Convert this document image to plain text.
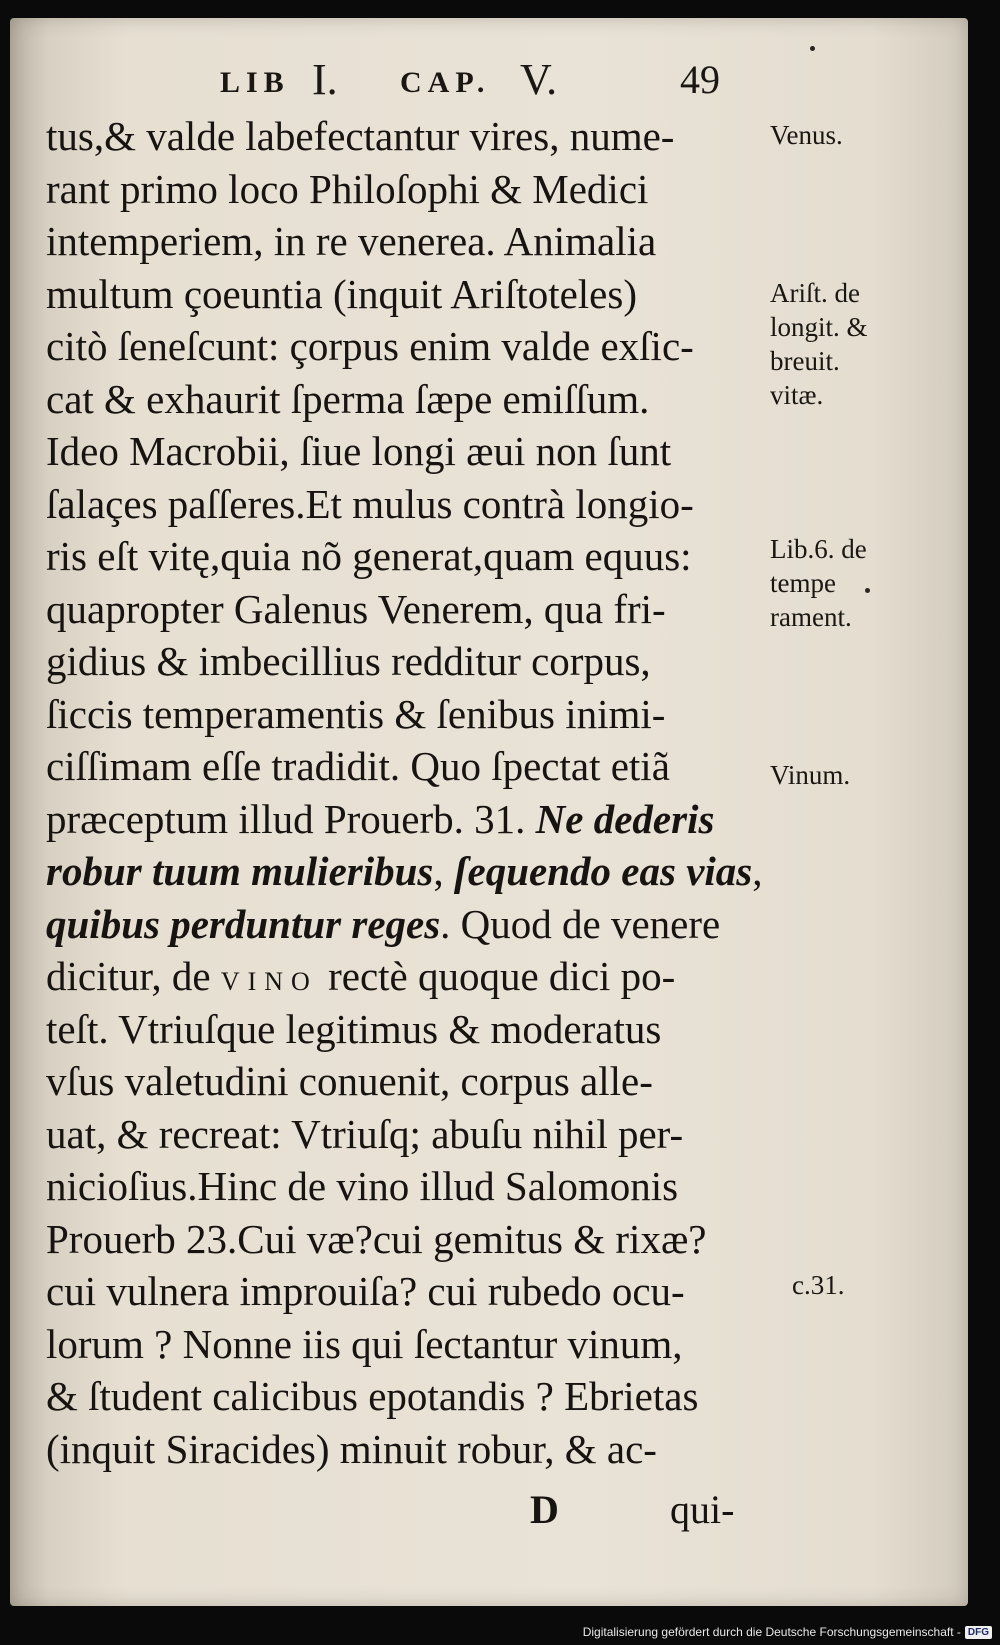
LIB I. CAP. V.	49
tus,& valde labefectantur vires, nume-
rant primo loco Philoſophi & Medici
intemperiem, in re venerea. Animalia
multum çoeuntia (inquit Ariſtoteles)
citò ſeneſcunt: çorpus enim valde exſic-
cat & exhaurit ſperma ſæpe emiſſum.
Ideo Macrobii, ſiue longi æui non ſunt
ſalaçes paſſeres.Et mulus contrà longio-
ris eſt vitę,quia nõ generat,quam equus:
quapropter Galenus Venerem, qua fri-
gidius & imbecillius redditur corpus,
ſiccis temperamentis & ſenibus inimi-
ciſſimam eſſe tradidit. Quo ſpectat etiã
præceptum illud Prouerb. 31. Ne dederis
robur tuum mulieribus, ſequendo eas vias,
quibus perduntur reges. Quod de venere
dicitur, de VINO rectè quoque dici po-
teſt. Vtriuſque legitimus & moderatus
vſus valetudini conuenit, corpus alle-
uat, & recreat: Vtriuſq; abuſu nihil per-
nicioſius.Hinc de vino illud Salomonis
Prouerb 23.Cui væ?cui gemitus & rixæ?
cui vulnera improuiſa? cui rubedo ocu-
lorum ? Nonne iis qui ſectantur vinum,
& ſtudent calicibus epotandis ? Ebrietas
(inquit Siracides) minuit robur, & ac-
Venus.
Ariſt. de
longit. &
breuit.
vitæ.
Lib.6. de
tempe
rament.
Vinum.
c.31.
D	qui-
Digitalisierung gefördert durch die Deutsche Forschungsgemeinschaft - DFG
